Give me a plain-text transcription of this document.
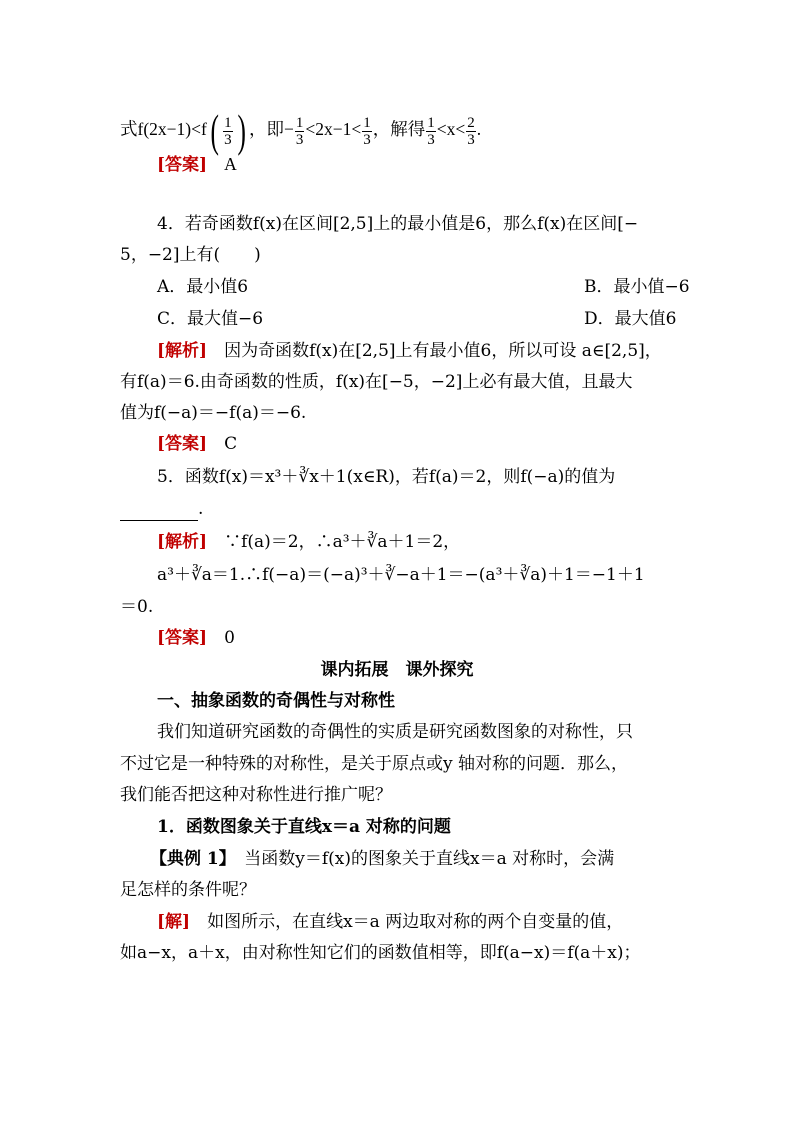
式$f(2x-1)<f( \frac{1}{3}$ ) ，即− $\frac{1}{3} <2x-1< \frac{1}{3}$ ，解得 $\frac{1}{3} <x< \frac{2}{3}$ .
[答案]　 A
4．若奇函数f(x)在区间[2,5]上的最小值是6，那么f(x)在区间[−
5，−2]上有(　　)
A．最小值6	B．最小值−6
C．最大值−6	D．最大值6
[解析]　因为奇函数f(x)在[2,5]上有最小值6，所以可设 a∈[2,5]，
有f(a)＝6.由奇函数的性质，f(x)在[−5，−2]上必有最大值，且最大
值为f(−a)＝−f(a)＝−6.
[答案]　 C
5．函数f(x)＝x³＋∛x＋1(x∈R)，若f(a)＝2，则f(−a)的值为
.
[解析]　∵f(a)＝2，∴a³＋∛a＋1＝2，
a³＋∛a＝1.∴f(−a)＝(−a)³＋∛−a＋1＝−(a³＋∛a)＋1＝−1＋1
＝0.
[答案]　 0
课内拓展　课外探究
一、抽象函数的奇偶性与对称性
我们知道研究函数的奇偶性的实质是研究函数图象的对称性，只
不过它是一种特殊的对称性，是关于原点或y 轴对称的问题．那么，
我们能否把这种对称性进行推广呢？
1．函数图象关于直线x＝a 对称的问题
【典例 1】　当函数y＝f(x)的图象关于直线x＝a 对称时，会满
足怎样的条件呢？
[解]　如图所示，在直线x＝a 两边取对称的两个自变量的值，
如a−x，a＋x，由对称性知它们的函数值相等，即f(a−x)＝f(a＋x)；
